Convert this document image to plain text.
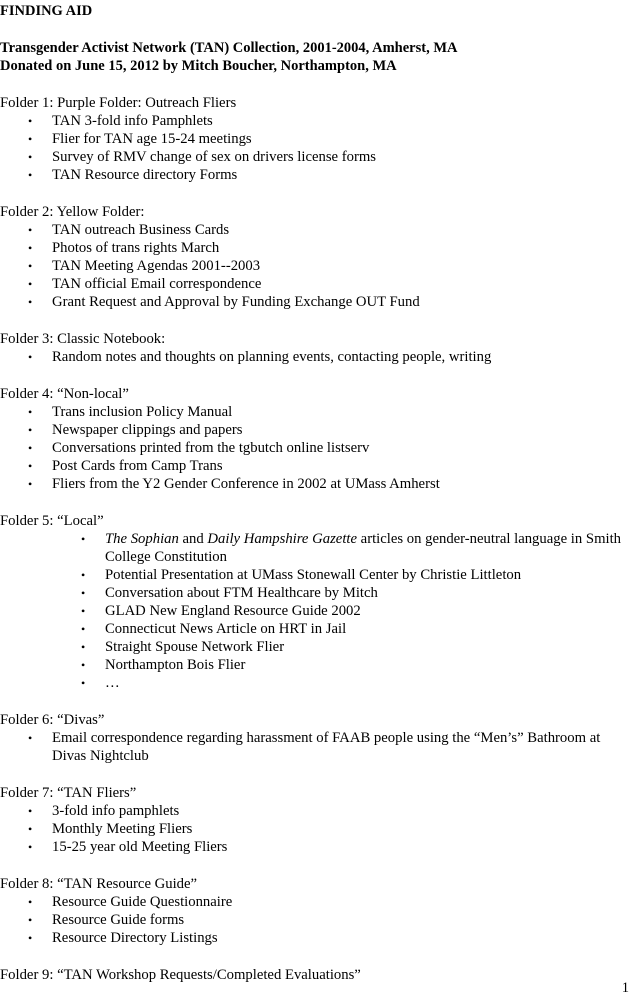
FINDING AID
Transgender Activist Network (TAN) Collection, 2001-2004, Amherst, MA
Donated on June 15, 2012 by Mitch Boucher, Northampton, MA
Folder 1: Purple Folder: Outreach Fliers
• TAN 3-fold info Pamphlets
• Flier for TAN age 15-24 meetings
• Survey of RMV change of sex on drivers license forms
• TAN Resource directory Forms
Folder 2: Yellow Folder:
• TAN outreach Business Cards
• Photos of trans rights March
• TAN Meeting Agendas 2001--2003
• TAN official Email correspondence
• Grant Request and Approval by Funding Exchange OUT Fund
Folder 3: Classic Notebook:
• Random notes and thoughts on planning events, contacting people, writing
Folder 4: “Non-local”
• Trans inclusion Policy Manual
• Newspaper clippings and papers
• Conversations printed from the tgbutch online listserv
• Post Cards from Camp Trans
• Fliers from the Y2 Gender Conference in 2002 at UMass Amherst
Folder 5: “Local”
• The Sophian and Daily Hampshire Gazette articles on gender-neutral language in Smith College Constitution
• Potential Presentation at UMass Stonewall Center by Christie Littleton
• Conversation about FTM Healthcare by Mitch
• GLAD New England Resource Guide 2002
• Connecticut News Article on HRT in Jail
• Straight Spouse Network Flier
• Northampton Bois Flier
• …
Folder 6: “Divas”
• Email correspondence regarding harassment of FAAB people using the “Men’s” Bathroom at Divas Nightclub
Folder 7: “TAN Fliers”
• 3-fold info pamphlets
• Monthly Meeting Fliers
• 15-25 year old Meeting Fliers
Folder 8: “TAN Resource Guide”
• Resource Guide Questionnaire
• Resource Guide forms
• Resource Directory Listings
Folder 9: “TAN Workshop Requests/Completed Evaluations”
1
